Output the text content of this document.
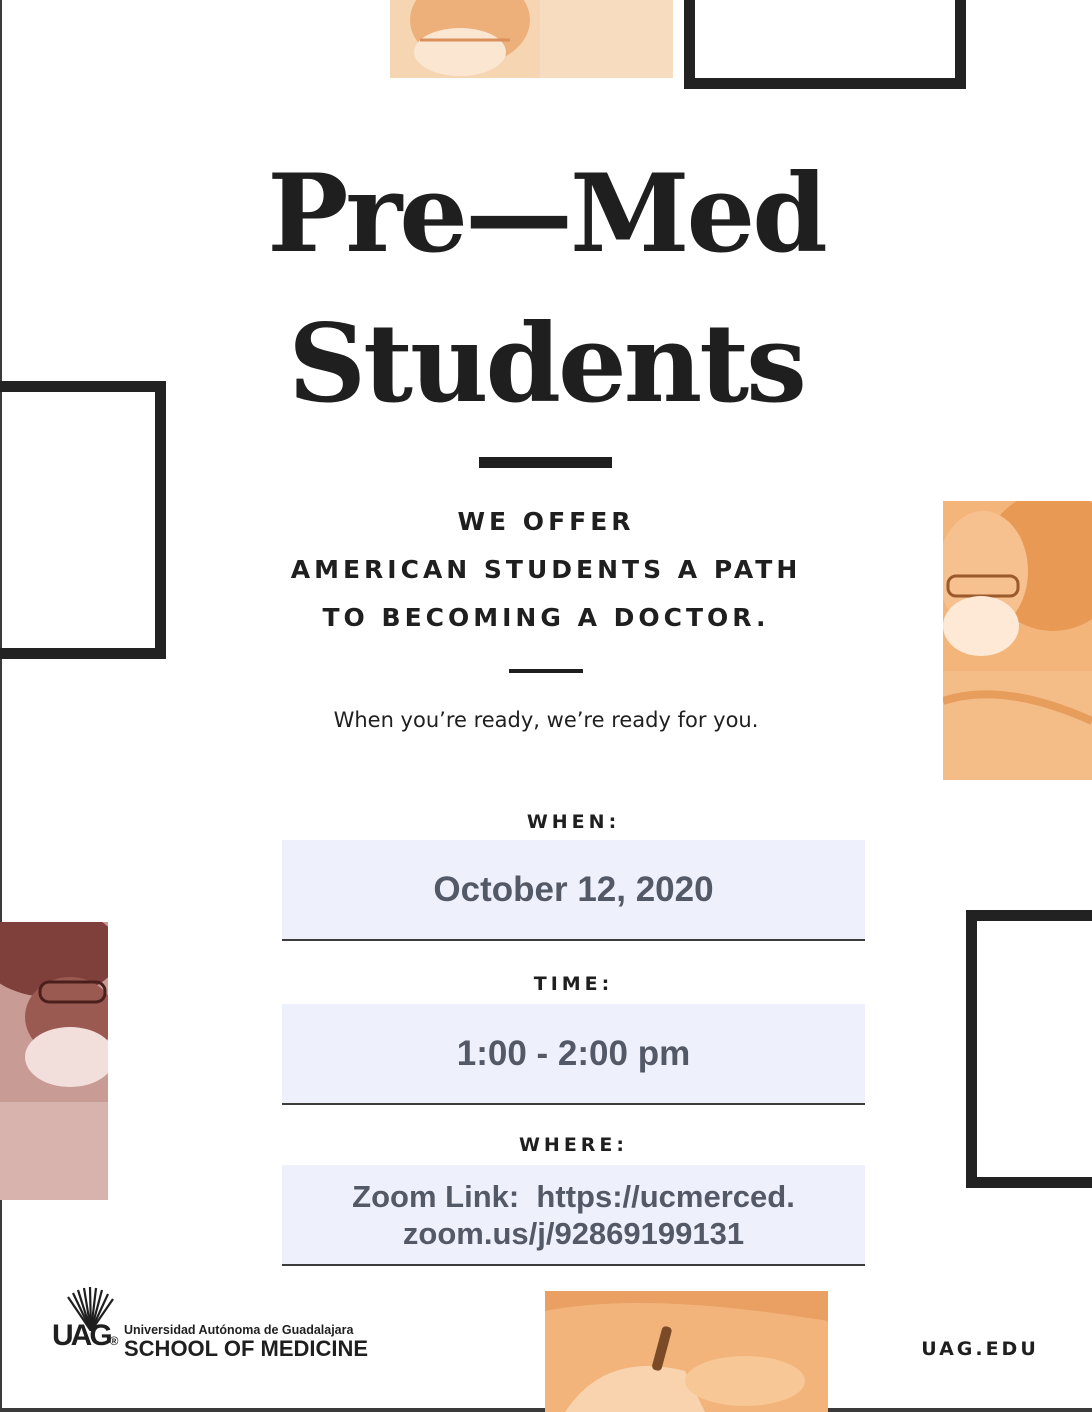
Pre—Med
Students
WE OFFER
AMERICAN STUDENTS A PATH
TO BECOMING A DOCTOR.
When you’re ready, we’re ready for you.
WHEN:
October 12, 2020
TIME:
1:00 - 2:00 pm
WHERE:
Zoom Link:  https://ucmerced.
zoom.us/j/92869199131
UAG®
Universidad Autónoma de Guadalajara
SCHOOL OF MEDICINE	UAG.EDU
